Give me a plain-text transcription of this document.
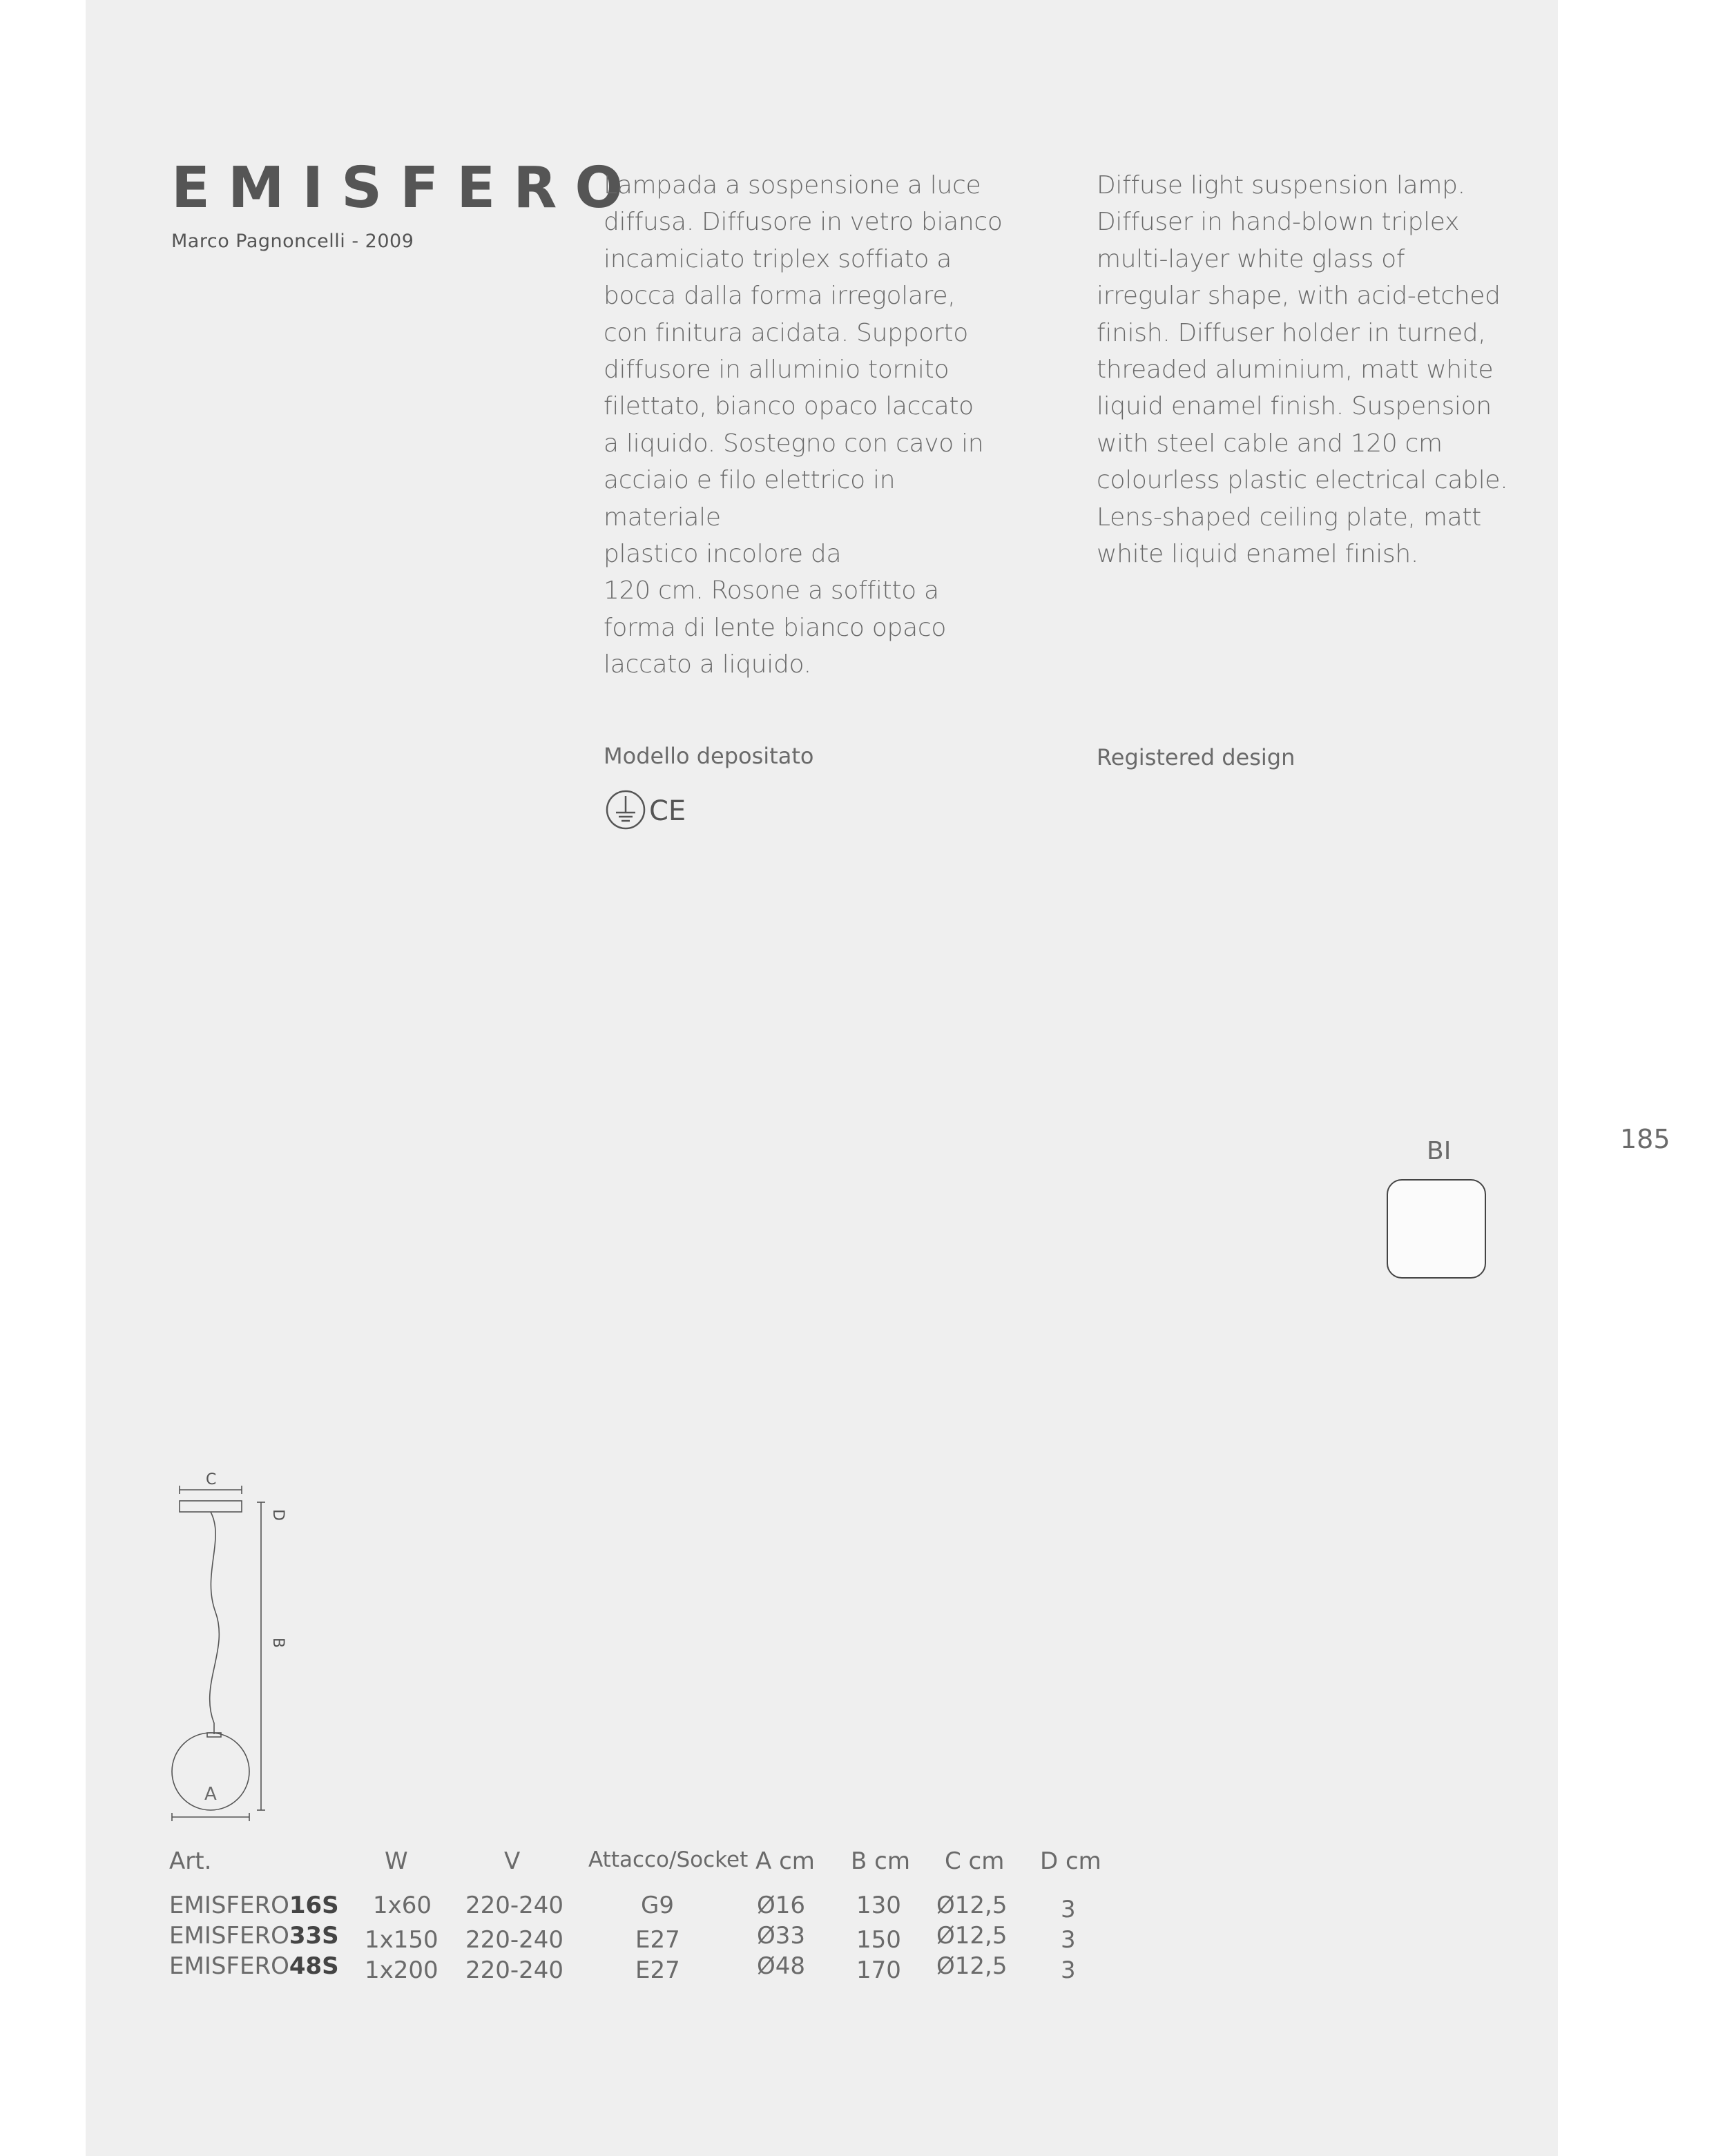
EMISFERO
Marco Pagnoncelli - 2009
Lampada a sospensione a luce
diffusa. Diffusore in vetro bianco
incamiciato triplex soffiato a
bocca dalla forma irregolare,
con finitura acidata. Supporto
diffusore in alluminio tornito
filettato, bianco opaco laccato
a liquido. Sostegno con cavo in
acciaio e filo elettrico in materiale
plastico incolore da
120 cm. Rosone a soffitto a
forma di lente bianco opaco
laccato a liquido.
Diffuse light suspension lamp.
Diffuser in hand-blown triplex
multi-layer white glass of
irregular shape, with acid-etched
finish. Diffuser holder in turned,
threaded aluminium, matt white
liquid enamel finish. Suspension
with steel cable and 120 cm
colourless plastic electrical cable.
Lens-shaped ceiling plate, matt
white liquid enamel finish.
Modello depositato	Registered design
CE
185
BI
C
D
B
A
Art.	W	V	Attacco/Socket A cm B cm C cm D cm
EMISFERO16S 1x60 220-240	G9	Ø16 130 Ø12,5 3
EMISFERO33S 1x150 220-240	E27	Ø33 150 Ø12,5 3
EMISFERO48S 1x200 220-240	E27	Ø48 170 Ø12,5 3
